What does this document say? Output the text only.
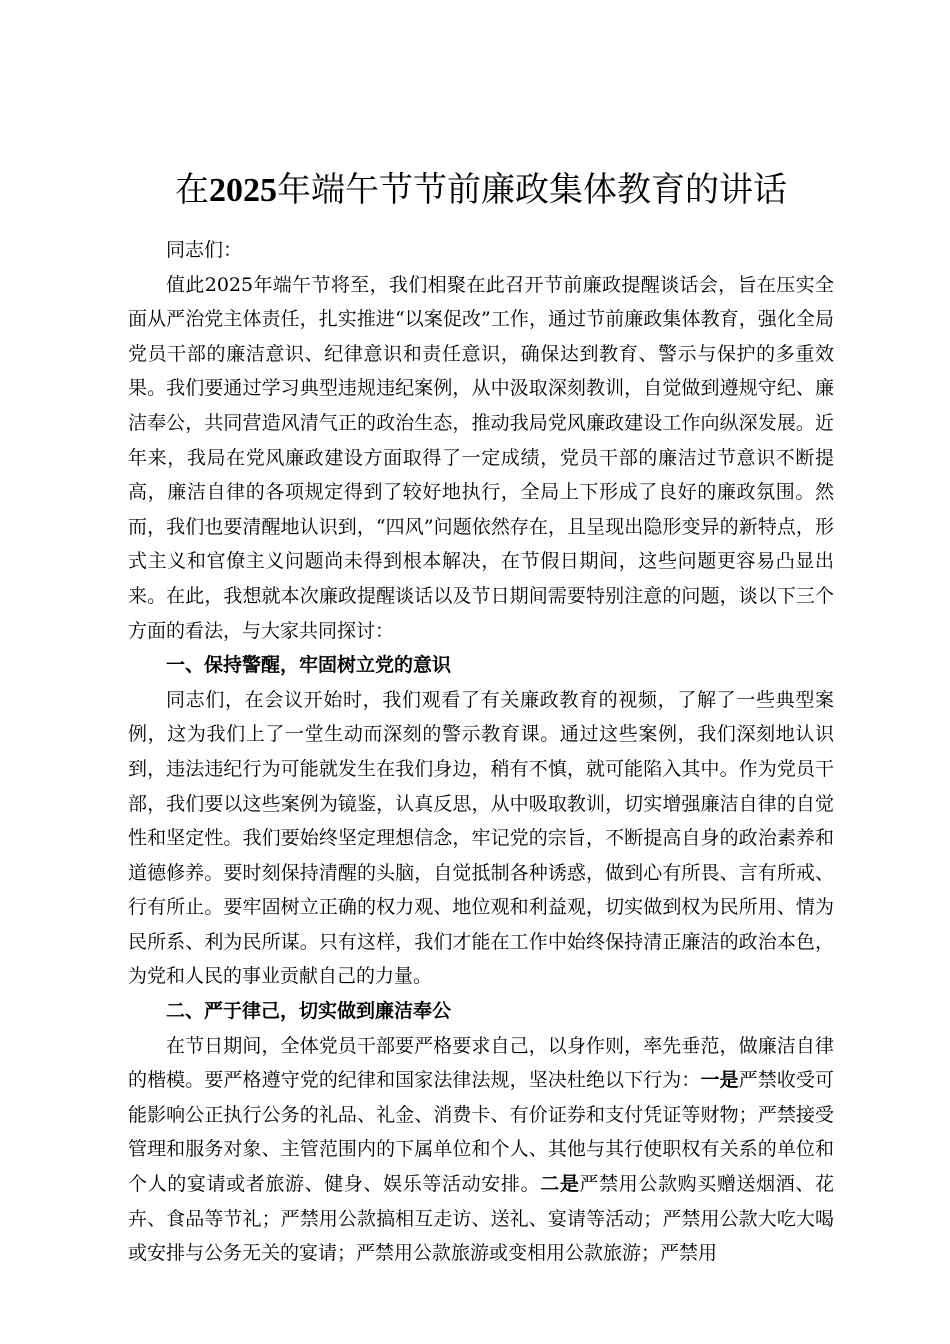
在2025年端午节节前廉政集体教育的讲话

同志们：

值此2025年端午节将至，我们相聚在此召开节前廉政提醒谈话会，旨在压实全面从严治党主体责任，扎实推进“以案促改”工作，通过节前廉政集体教育，强化全局党员干部的廉洁意识、纪律意识和责任意识，确保达到教育、警示与保护的多重效果。我们要通过学习典型违规违纪案例，从中汲取深刻教训，自觉做到遵规守纪、廉洁奉公，共同营造风清气正的政治生态，推动我局党风廉政建设工作向纵深发展。近年来，我局在党风廉政建设方面取得了一定成绩，党员干部的廉洁过节意识不断提高，廉洁自律的各项规定得到了较好地执行，全局上下形成了良好的廉政氛围。然而，我们也要清醒地认识到，“四风”问题依然存在，且呈现出隐形变异的新特点，形式主义和官僚主义问题尚未得到根本解决，在节假日期间，这些问题更容易凸显出来。在此，我想就本次廉政提醒谈话以及节日期间需要特别注意的问题，谈以下三个方面的看法，与大家共同探讨：

一、保持警醒，牢固树立党的意识

同志们，在会议开始时，我们观看了有关廉政教育的视频，了解了一些典型案例，这为我们上了一堂生动而深刻的警示教育课。通过这些案例，我们深刻地认识到，违法违纪行为可能就发生在我们身边，稍有不慎，就可能陷入其中。作为党员干部，我们要以这些案例为镜鉴，认真反思，从中吸取教训，切实增强廉洁自律的自觉性和坚定性。我们要始终坚定理想信念，牢记党的宗旨，不断提高自身的政治素养和道德修养。要时刻保持清醒的头脑，自觉抵制各种诱惑，做到心有所畏、言有所戒、行有所止。要牢固树立正确的权力观、地位观和利益观，切实做到权为民所用、情为民所系、利为民所谋。只有这样，我们才能在工作中始终保持清正廉洁的政治本色，为党和人民的事业贡献自己的力量。

二、严于律己，切实做到廉洁奉公

在节日期间，全体党员干部要严格要求自己，以身作则，率先垂范，做廉洁自律的楷模。要严格遵守党的纪律和国家法律法规，坚决杜绝以下行为：一是严禁收受可能影响公正执行公务的礼品、礼金、消费卡、有价证券和支付凭证等财物；严禁接受管理和服务对象、主管范围内的下属单位和个人、其他与其行使职权有关系的单位和个人的宴请或者旅游、健身、娱乐等活动安排。二是严禁用公款购买赠送烟酒、花卉、食品等节礼；严禁用公款搞相互走访、送礼、宴请等活动；严禁用公款大吃大喝或安排与公务无关的宴请；严禁用公款旅游或变相用公款旅游；严禁用
